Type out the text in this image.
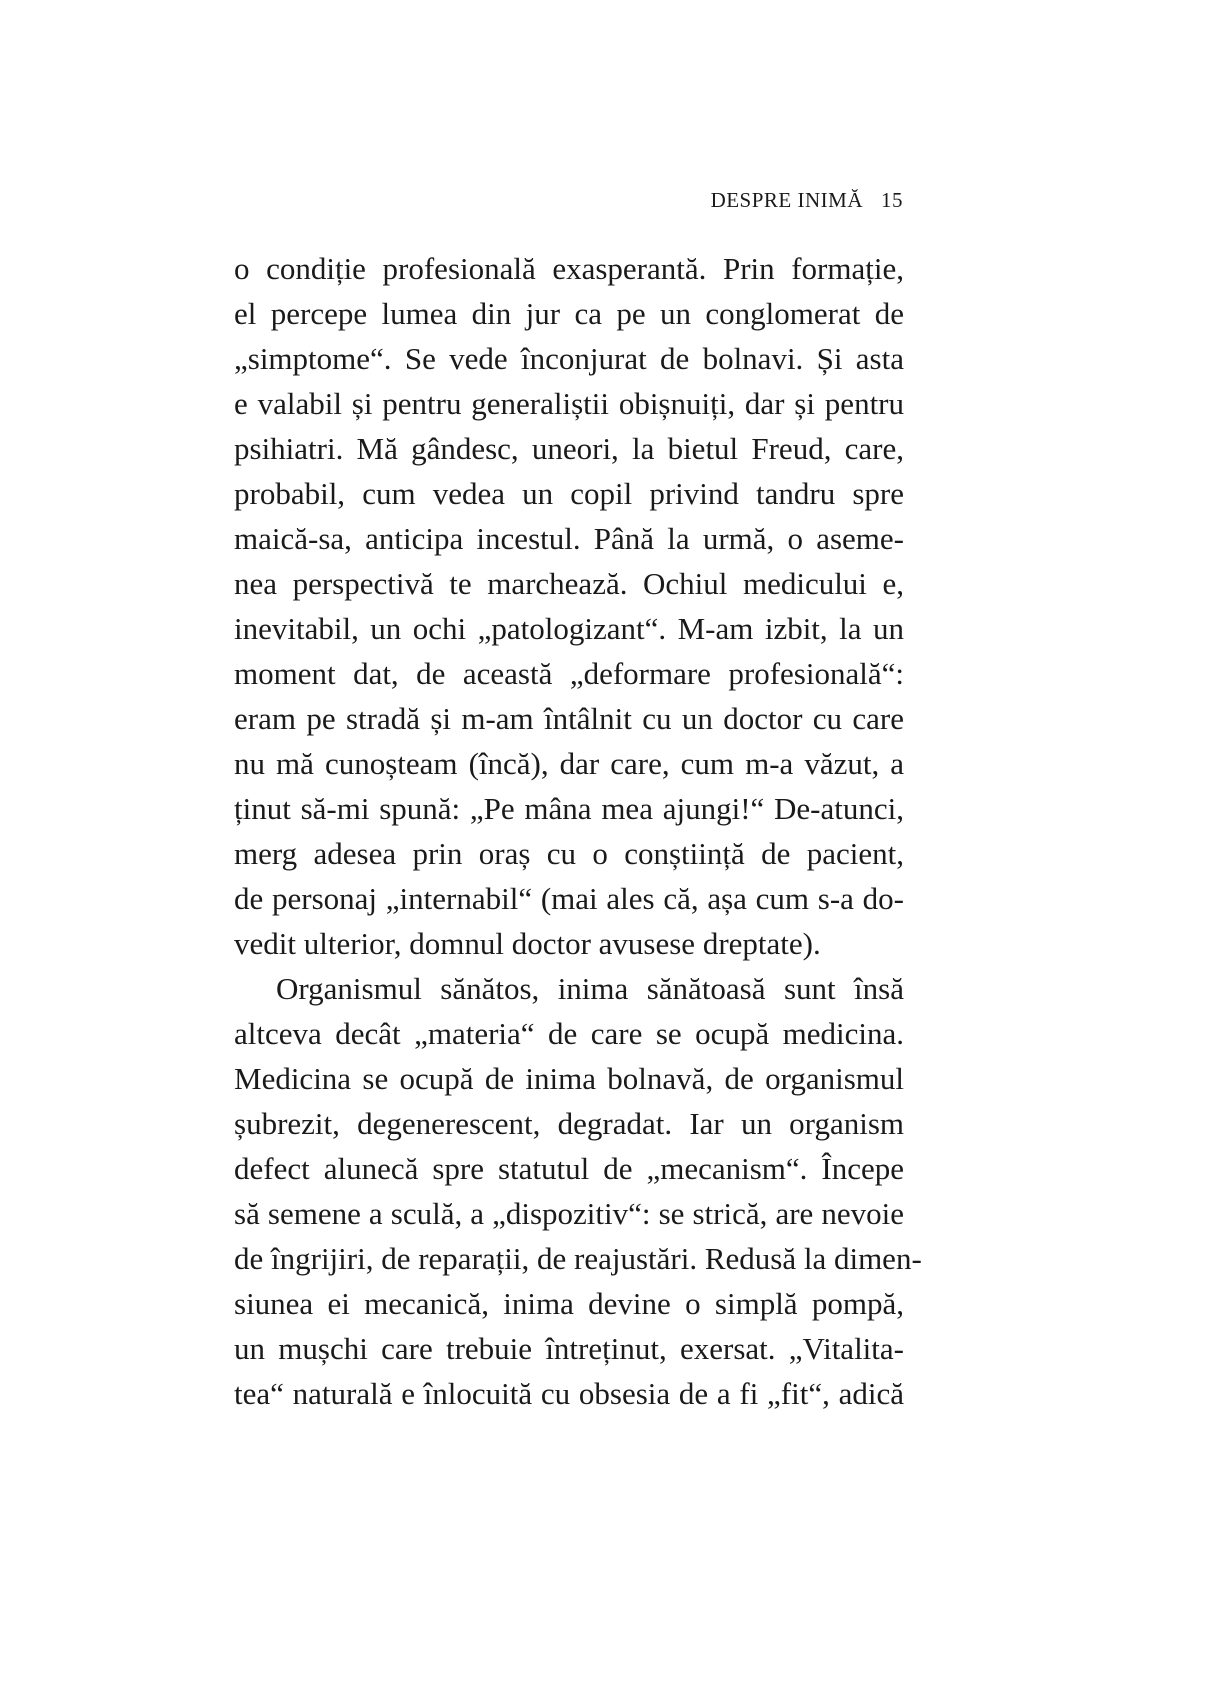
DESPRE INIMĂ 15

o condiție profesională exasperantă. Prin formație,
el percepe lumea din jur ca pe un conglomerat de
„simptome“. Se vede înconjurat de bolnavi. Și asta
e valabil și pentru generaliștii obișnuiți, dar și pentru
psihiatri. Mă gândesc, uneori, la bietul Freud, care,
probabil, cum vedea un copil privind tandru spre
maică-sa, anticipa incestul. Până la urmă, o aseme-
nea perspectivă te marchează. Ochiul medicului e,
inevitabil, un ochi „patologizant“. M-am izbit, la un
moment dat, de această „deformare profesională“:
eram pe stradă și m-am întâlnit cu un doctor cu care
nu mă cunoșteam (încă), dar care, cum m-a văzut, a
ținut să-mi spună: „Pe mâna mea ajungi!“ De-atunci,
merg adesea prin oraș cu o conștiință de pacient,
de personaj „internabil“ (mai ales că, așa cum s-a do-
vedit ulterior, domnul doctor avusese dreptate).

Organismul sănătos, inima sănătoasă sunt însă
altceva decât „materia“ de care se ocupă medicina.
Medicina se ocupă de inima bolnavă, de organismul
șubrezit, degenerescent, degradat. Iar un organism
defect alunecă spre statutul de „mecanism“. Începe
să semene a sculă, a „dispozitiv“: se strică, are nevoie
de îngrijiri, de reparații, de reajustări. Redusă la dimen-
siunea ei mecanică, inima devine o simplă pompă,
un mușchi care trebuie întreținut, exersat. „Vitalita-
tea“ naturală e înlocuită cu obsesia de a fi „fit“, adică
